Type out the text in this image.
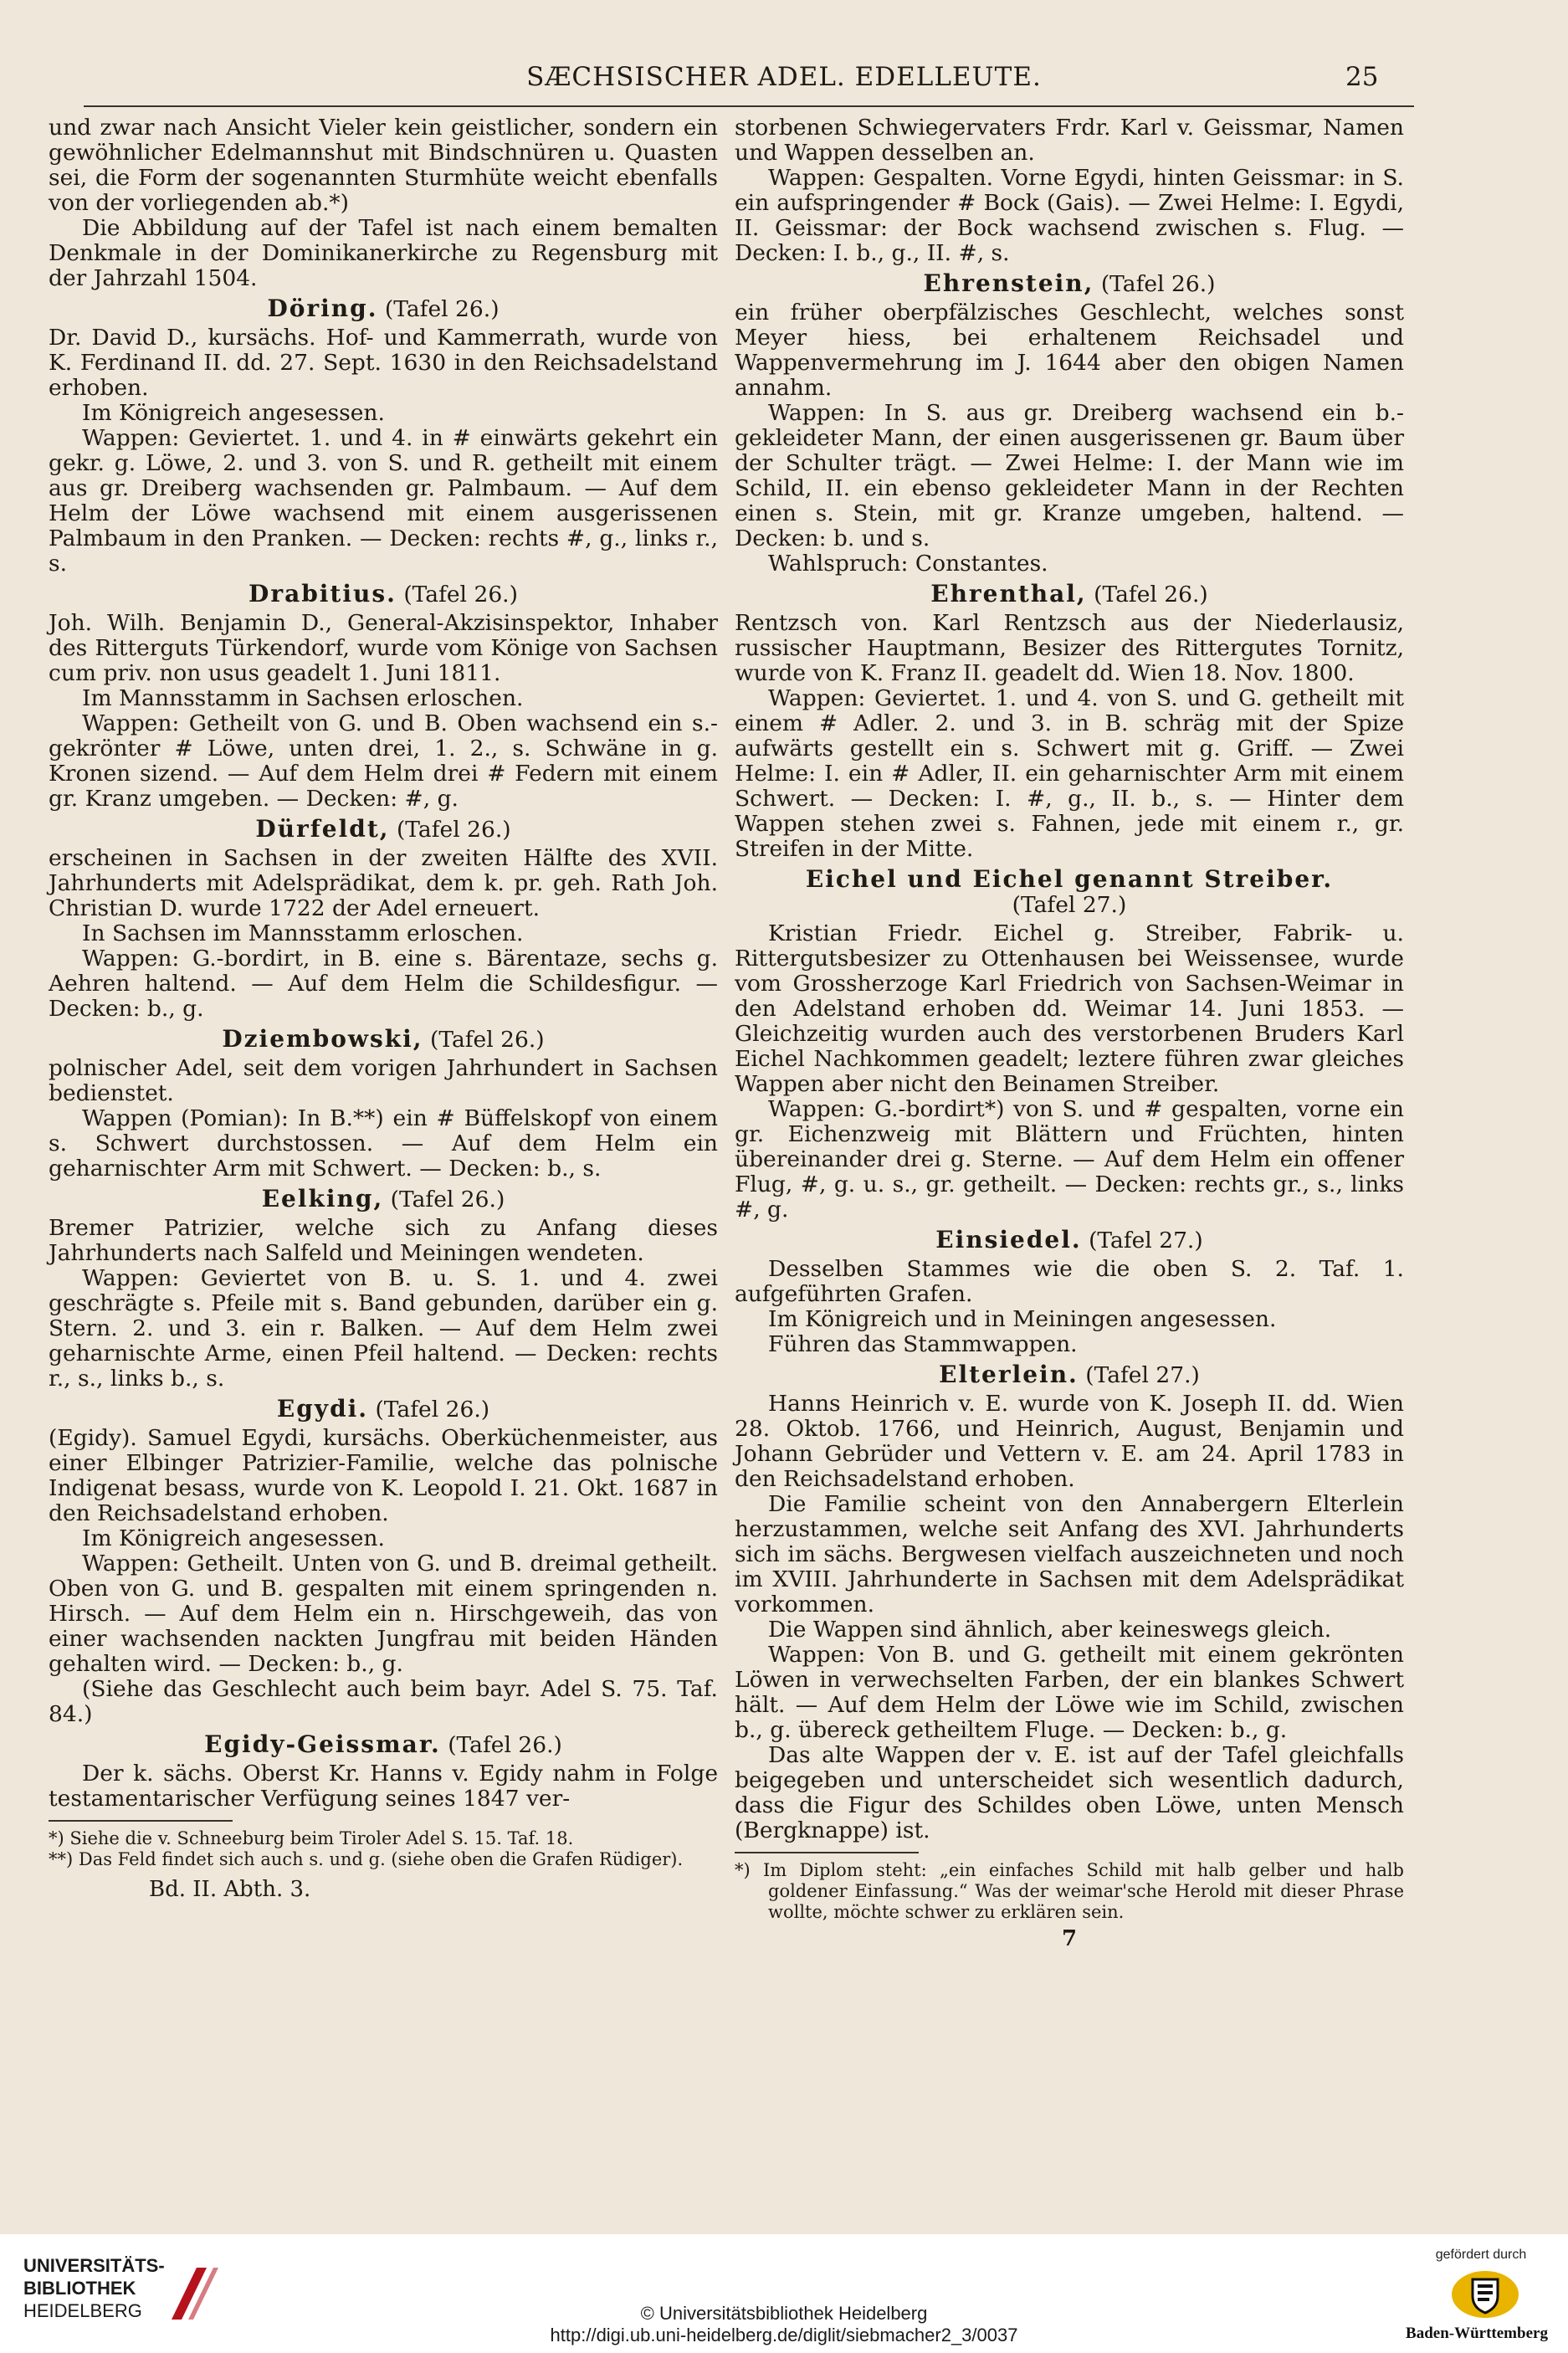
SÆCHSISCHER ADEL. EDELLEUTE.	25

und zwar nach Ansicht Vieler kein geistlicher, sondern ein gewöhnlicher Edelmannshut mit Bindschnüren u. Quasten sei, die Form der sogenannten Sturmhüte weicht ebenfalls von der vorliegenden ab.*)

Die Abbildung auf der Tafel ist nach einem bemalten Denkmale in der Dominikanerkirche zu Regensburg mit der Jahrzahl 1504.

Döring. (Tafel 26.)

Dr. David D., kursächs. Hof- und Kammerrath, wurde von K. Ferdinand II. dd. 27. Sept. 1630 in den Reichsadelstand erhoben.

Im Königreich angesessen.

Wappen: Geviertet. 1. und 4. in # einwärts gekehrt ein gekr. g. Löwe, 2. und 3. von S. und R. getheilt mit einem aus gr. Dreiberg wachsenden gr. Palmbaum. — Auf dem Helm der Löwe wachsend mit einem ausgerissenen Palmbaum in den Pranken. — Decken: rechts #, g., links r., s.

Drabitius. (Tafel 26.)

Joh. Wilh. Benjamin D., General-Akzisinspektor, Inhaber des Ritterguts Türkendorf, wurde vom Könige von Sachsen cum priv. non usus geadelt 1. Juni 1811.

Im Mannsstamm in Sachsen erloschen.

Wappen: Getheilt von G. und B. Oben wachsend ein s.-gekrönter # Löwe, unten drei, 1. 2., s. Schwäne in g. Kronen sizend. — Auf dem Helm drei # Federn mit einem gr. Kranz umgeben. — Decken: #, g.

Dürfeldt, (Tafel 26.)

erscheinen in Sachsen in der zweiten Hälfte des XVII. Jahrhunderts mit Adelsprädikat, dem k. pr. geh. Rath Joh. Christian D. wurde 1722 der Adel erneuert.

In Sachsen im Mannsstamm erloschen.

Wappen: G.-bordirt, in B. eine s. Bärentaze, sechs g. Aehren haltend. — Auf dem Helm die Schildesfigur. — Decken: b., g.

Dziembowski, (Tafel 26.)

polnischer Adel, seit dem vorigen Jahrhundert in Sachsen bedienstet.

Wappen (Pomian): In B.**) ein # Büffelskopf von einem s. Schwert durchstossen. — Auf dem Helm ein geharnischter Arm mit Schwert. — Decken: b., s.

Eelking, (Tafel 26.)

Bremer Patrizier, welche sich zu Anfang dieses Jahrhunderts nach Salfeld und Meiningen wendeten.

Wappen: Geviertet von B. u. S. 1. und 4. zwei geschrägte s. Pfeile mit s. Band gebunden, darüber ein g. Stern. 2. und 3. ein r. Balken. — Auf dem Helm zwei geharnischte Arme, einen Pfeil haltend. — Decken: rechts r., s., links b., s.

Egydi. (Tafel 26.)

(Egidy). Samuel Egydi, kursächs. Oberküchenmeister, aus einer Elbinger Patrizier-Familie, welche das polnische Indigenat besass, wurde von K. Leopold I. 21. Okt. 1687 in den Reichsadelstand erhoben.

Im Königreich angesessen.

Wappen: Getheilt. Unten von G. und B. dreimal getheilt. Oben von G. und B. gespalten mit einem springenden n. Hirsch. — Auf dem Helm ein n. Hirschgeweih, das von einer wachsenden nackten Jungfrau mit beiden Händen gehalten wird. — Decken: b., g.

(Siehe das Geschlecht auch beim bayr. Adel S. 75. Taf. 84.)

Egidy-Geissmar. (Tafel 26.)

Der k. sächs. Oberst Kr. Hanns v. Egidy nahm in Folge testamentarischer Verfügung seines 1847 ver-

*) Siehe die v. Schneeburg beim Tiroler Adel S. 15. Taf. 18.

**) Das Feld findet sich auch s. und g. (siehe oben die Grafen Rüdiger).

Bd. II. Abth. 3.

storbenen Schwiegervaters Frdr. Karl v. Geissmar, Namen und Wappen desselben an.

Wappen: Gespalten. Vorne Egydi, hinten Geissmar: in S. ein aufspringender # Bock (Gais). — Zwei Helme: I. Egydi, II. Geissmar: der Bock wachsend zwischen s. Flug. — Decken: I. b., g., II. #, s.

Ehrenstein, (Tafel 26.)

ein früher oberpfälzisches Geschlecht, welches sonst Meyer hiess, bei erhaltenem Reichsadel und Wappenvermehrung im J. 1644 aber den obigen Namen annahm.

Wappen: In S. aus gr. Dreiberg wachsend ein b.-gekleideter Mann, der einen ausgerissenen gr. Baum über der Schulter trägt. — Zwei Helme: I. der Mann wie im Schild, II. ein ebenso gekleideter Mann in der Rechten einen s. Stein, mit gr. Kranze umgeben, haltend. — Decken: b. und s.

Wahlspruch: Constantes.

Ehrenthal, (Tafel 26.)

Rentzsch von. Karl Rentzsch aus der Niederlausiz, russischer Hauptmann, Besizer des Rittergutes Tornitz, wurde von K. Franz II. geadelt dd. Wien 18. Nov. 1800.

Wappen: Geviertet. 1. und 4. von S. und G. getheilt mit einem # Adler. 2. und 3. in B. schräg mit der Spize aufwärts gestellt ein s. Schwert mit g. Griff. — Zwei Helme: I. ein # Adler, II. ein geharnischter Arm mit einem Schwert. — Decken: I. #, g., II. b., s. — Hinter dem Wappen stehen zwei s. Fahnen, jede mit einem r., gr. Streifen in der Mitte.

Eichel und Eichel genannt Streiber.
(Tafel 27.)

Kristian Friedr. Eichel g. Streiber, Fabrik- u. Rittergutsbesizer zu Ottenhausen bei Weissensee, wurde vom Grossherzoge Karl Friedrich von Sachsen-Weimar in den Adelstand erhoben dd. Weimar 14. Juni 1853. — Gleichzeitig wurden auch des verstorbenen Bruders Karl Eichel Nachkommen geadelt; leztere führen zwar gleiches Wappen aber nicht den Beinamen Streiber.

Wappen: G.-bordirt*) von S. und # gespalten, vorne ein gr. Eichenzweig mit Blättern und Früchten, hinten übereinander drei g. Sterne. — Auf dem Helm ein offener Flug, #, g. u. s., gr. getheilt. — Decken: rechts gr., s., links #, g.

Einsiedel. (Tafel 27.)

Desselben Stammes wie die oben S. 2. Taf. 1. aufgeführten Grafen.

Im Königreich und in Meiningen angesessen.

Führen das Stammwappen.

Elterlein. (Tafel 27.)

Hanns Heinrich v. E. wurde von K. Joseph II. dd. Wien 28. Oktob. 1766, und Heinrich, August, Benjamin und Johann Gebrüder und Vettern v. E. am 24. April 1783 in den Reichsadelstand erhoben.

Die Familie scheint von den Annabergern Elterlein herzustammen, welche seit Anfang des XVI. Jahrhunderts sich im sächs. Bergwesen vielfach auszeichneten und noch im XVIII. Jahrhunderte in Sachsen mit dem Adelsprädikat vorkommen.

Die Wappen sind ähnlich, aber keineswegs gleich.

Wappen: Von B. und G. getheilt mit einem gekrönten Löwen in verwechselten Farben, der ein blankes Schwert hält. — Auf dem Helm der Löwe wie im Schild, zwischen b., g. übereck getheiltem Fluge. — Decken: b., g.

Das alte Wappen der v. E. ist auf der Tafel gleichfalls beigegeben und unterscheidet sich wesentlich dadurch, dass die Figur des Schildes oben Löwe, unten Mensch (Bergknappe) ist.

*) Im Diplom steht: „ein einfaches Schild mit halb gelber und halb goldener Einfassung.“ Was der weimar'sche Herold mit dieser Phrase wollte, möchte schwer zu erklären sein.

7
UNIVERSITÄTS-
BIBLIOTHEK
HEIDELBERG	© Universitätsbibliothek Heidelberg
http://digi.ub.uni-heidelberg.de/diglit/siebmacher2_3/0037
gefördert durch
Baden-Württemberg
